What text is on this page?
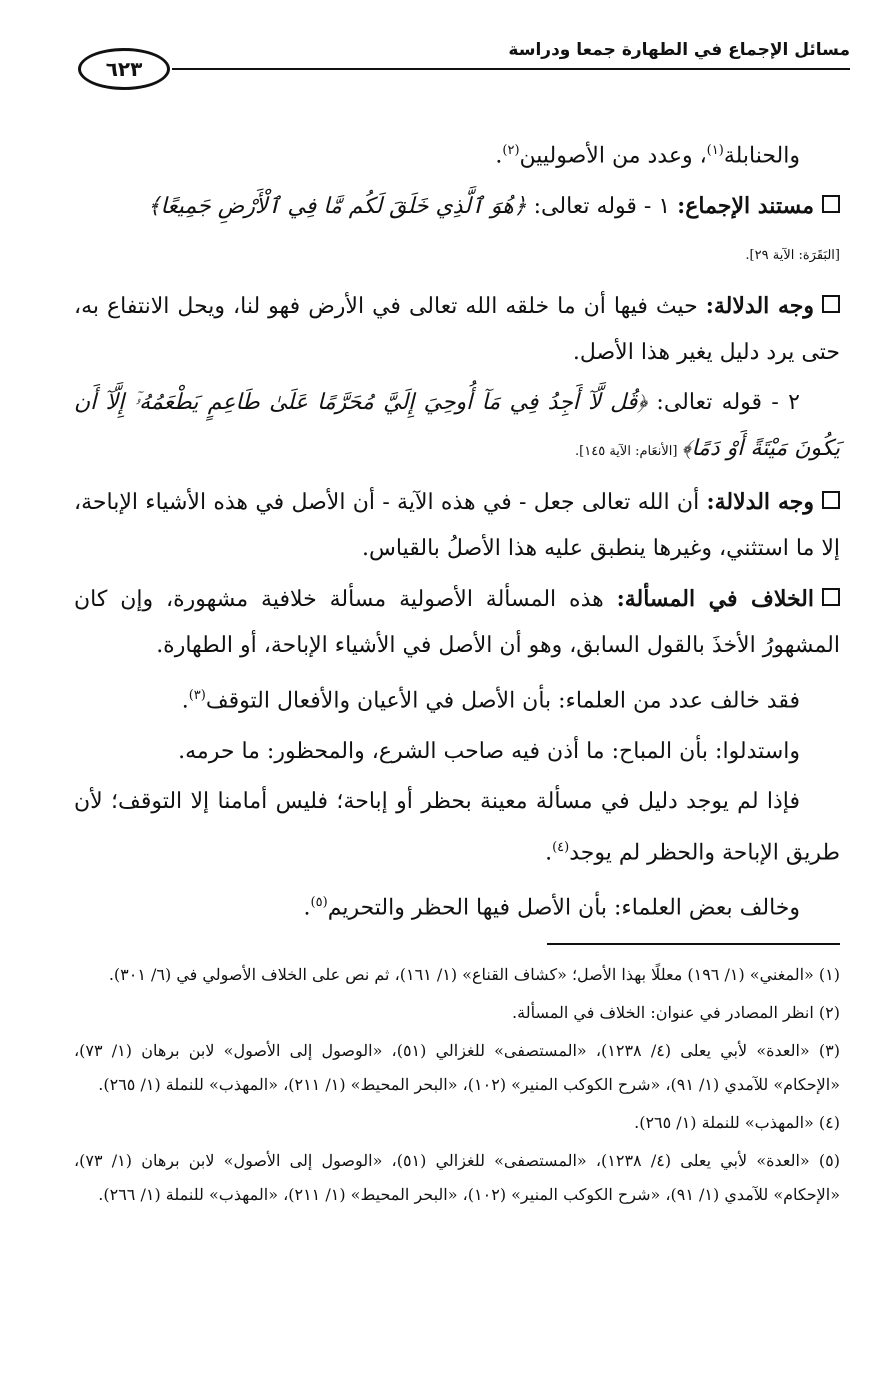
٦٢٣
مسائل الإجماع في الطهارة جمعا ودراسة

والحنابلة$^{(١)}$، وعدد من الأصوليين$^{(٢)}$.

مستند الإجماع: ١ - قوله تعالى: ﴿هُوَ ٱلَّذِي خَلَقَ لَكُم مَّا فِي ٱلْأَرْضِ جَمِيعًا﴾
[البَقَرَة: الآية ٢٩].

وجه الدلالة: حيث فيها أن ما خلقه الله تعالى في الأرض فهو لنا، ويحل الانتفاع به، حتى يرد دليل يغير هذا الأصل.

٢ - قوله تعالى: ﴿قُل لَّآ أَجِدُ فِي مَآ أُوحِيَ إِلَيَّ مُحَرَّمًا عَلَىٰ طَاعِمٍ يَطْعَمُهُۥٓ إِلَّآ أَن يَكُونَ مَيْتَةً أَوْ دَمًا﴾ [الأنعَام: الآية ١٤٥].

وجه الدلالة: أن الله تعالى جعل - في هذه الآية - أن الأصل في هذه الأشياء الإباحة، إلا ما استثني، وغيرها ينطبق عليه هذا الأصلُ بالقياس.

الخلاف في المسألة: هذه المسألة الأصولية مسألة خلافية مشهورة، وإن كان المشهورُ الأخذَ بالقول السابق، وهو أن الأصل في الأشياء الإباحة، أو الطهارة.

فقد خالف عدد من العلماء: بأن الأصل في الأعيان والأفعال التوقف$^{(٣)}$.

واستدلوا: بأن المباح: ما أذن فيه صاحب الشرع، والمحظور: ما حرمه.

فإذا لم يوجد دليل في مسألة معينة بحظر أو إباحة؛ فليس أمامنا إلا التوقف؛ لأن طريق الإباحة والحظر لم يوجد$^{(٤)}$.

وخالف بعض العلماء: بأن الأصل فيها الحظر والتحريم$^{(٥)}$.

(١) «المغني» (١/ ١٩٦) معللًا بهذا الأصل؛ «كشاف القناع» (١/ ١٦١)، ثم نص على الخلاف الأصولي في (٦/ ٣٠١).

(٢) انظر المصادر في عنوان: الخلاف في المسألة.

(٣) «العدة» لأبي يعلى (٤/ ١٢٣٨)، «المستصفى» للغزالي (٥١)، «الوصول إلى الأصول» لابن برهان (١/ ٧٣)، «الإحكام» للآمدي (١/ ٩١)، «شرح الكوكب المنير» (١٠٢)، «البحر المحيط» (١/ ٢١١)، «المهذب» للنملة (١/ ٢٦٥).

(٤) «المهذب» للنملة (١/ ٢٦٥).

(٥) «العدة» لأبي يعلى (٤/ ١٢٣٨)، «المستصفى» للغزالي (٥١)، «الوصول إلى الأصول» لابن برهان (١/ ٧٣)، «الإحكام» للآمدي (١/ ٩١)، «شرح الكوكب المنير» (١٠٢)، «البحر المحيط» (١/ ٢١١)، «المهذب» للنملة (١/ ٢٦٦).
